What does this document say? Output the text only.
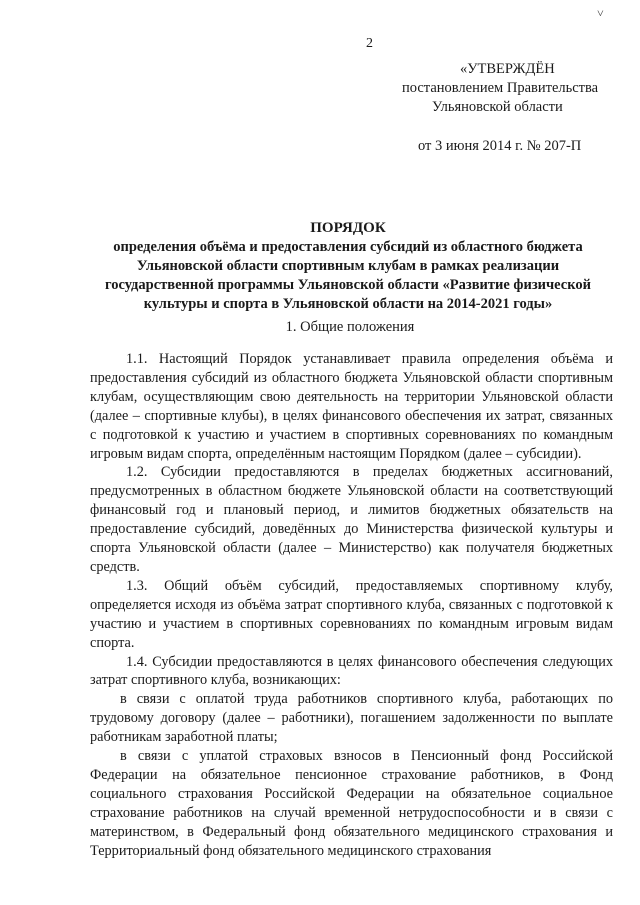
˅
2
«УТВЕРЖДЁН
постановлением Правительства
Ульяновской области
от 3 июня 2014 г. № 207-П
ПОРЯДОК
определения объёма и предоставления субсидий из областного бюджета
Ульяновской области спортивным клубам в рамках реализации
государственной программы Ульяновской области «Развитие физической
культуры и спорта в Ульяновской области на 2014-2021 годы»
1. Общие положения

1.1. Настоящий Порядок устанавливает правила определения объёма и предоставления субсидий из областного бюджета Ульяновской области спортивным клубам, осуществляющим свою деятельность на территории Ульяновской области (далее – спортивные клубы), в целях финансового обеспечения их затрат, связанных с подготовкой к участию и участием в спортивных соревнованиях по командным игровым видам спорта, определённым настоящим Порядком (далее – субсидии).

1.2. Субсидии предоставляются в пределах бюджетных ассигнований, предусмотренных в областном бюджете Ульяновской области на соответствующий финансовый год и плановый период, и лимитов бюджетных обязательств на предоставление субсидий, доведённых до Министерства физической культуры и спорта Ульяновской области (далее – Министерство) как получателя бюджетных средств.

1.3. Общий объём субсидий, предоставляемых спортивному клубу, определяется исходя из объёма затрат спортивного клуба, связанных с подготовкой к участию и участием в спортивных соревнованиях по командным игровым видам спорта.

1.4. Субсидии предоставляются в целях финансового обеспечения следующих затрат спортивного клуба, возникающих:

в связи с оплатой труда работников спортивного клуба, работающих по трудовому договору (далее – работники), погашением задолженности по выплате работникам заработной платы;

в связи с уплатой страховых взносов в Пенсионный фонд Российской Федерации на обязательное пенсионное страхование работников, в Фонд социального страхования Российской Федерации на обязательное социальное страхование работников на случай временной нетрудоспособности и в связи с материнством, в Федеральный фонд обязательного медицинского страхования и Территориальный фонд обязательного медицинского страхования
